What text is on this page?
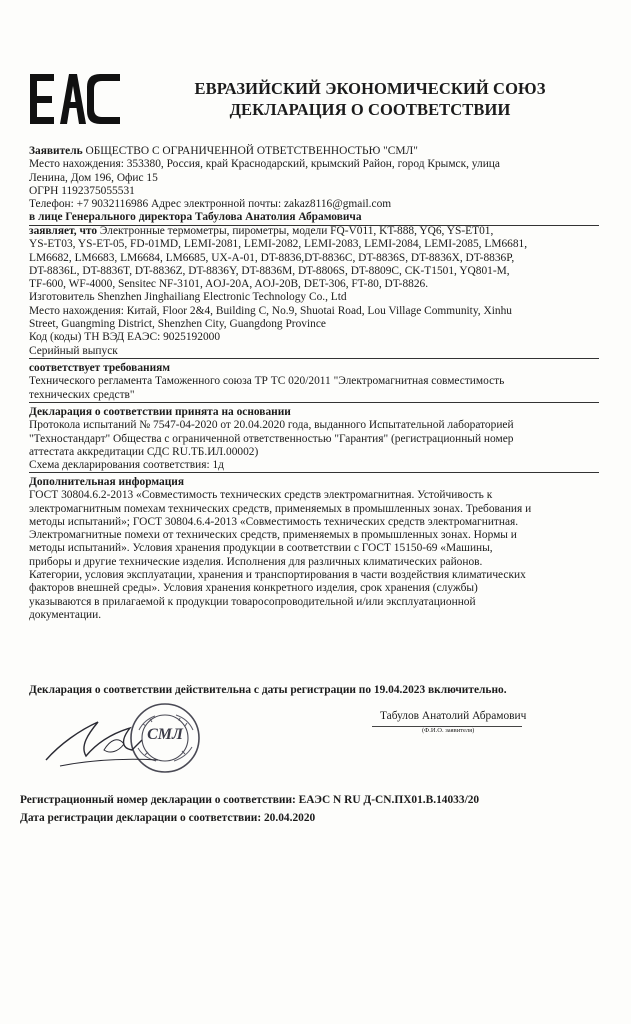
ЕВРАЗИЙСКИЙ ЭКОНОМИЧЕСКИЙ СОЮЗ
ДЕКЛАРАЦИЯ О СООТВЕТСТВИИ
Заявитель ОБЩЕСТВО С ОГРАНИЧЕННОЙ ОТВЕТСТВЕННОСТЬЮ "СМЛ"
Место нахождения: 353380, Россия, край Краснодарский, крымский Район, город Крымск, улица
Ленина, Дом 196, Офис 15
ОГРН 1192375055531
Телефон: +7 9032116986 Адрес электронной почты: zakaz8116@gmail.com
в лице Генерального директора Табулова Анатолия Абрамовича
заявляет, что Электронные термометры, пирометры, модели FQ-V011, KT-888, YQ6, YS-ET01,
YS-ET03, YS-ET-05, FD-01MD, LEMI-2081, LEMI-2082, LEMI-2083, LEMI-2084, LEMI-2085, LM6681,
LM6682, LM6683, LM6684, LM6685, UX-A-01, DT-8836,DT-8836C, DT-8836S, DT-8836X, DT-8836P,
DT-8836L, DT-8836T, DT-8836Z, DT-8836Y, DT-8836M, DT-8806S, DT-8809C, CK-T1501, YQ801-M,
TF-600, WF-4000, Sensitec NF-3101, AOJ-20A, AOJ-20B, DET-306, FT-80, DT-8826.
Изготовитель Shenzhen Jinghailiang Electronic Technology Co., Ltd
Место нахождения: Китай, Floor 2&4, Building C, No.9, Shuotai Road, Lou Village Community, Xinhu
Street, Guangming District, Shenzhen City, Guangdong Province
Код (коды) ТН ВЭД ЕАЭС: 9025192000
Серийный выпуск
соответствует требованиям
Технического регламента Таможенного союза ТР ТС 020/2011 "Электромагнитная совместимость
технических средств"
Декларация о соответствии принята на основании
Протокола испытаний № 7547-04-2020 от 20.04.2020 года, выданного Испытательной лабораторией
"Техностандарт" Общества с ограниченной ответственностью "Гарантия" (регистрационный номер
аттестата аккредитации СДС RU.ТБ.ИЛ.00002)
Схема декларирования соответствия: 1д
Дополнительная информация
ГОСТ 30804.6.2-2013 «Совместимость технических средств электромагнитная. Устойчивость к
электромагнитным помехам технических средств, применяемых в промышленных зонах. Требования и
методы испытаний»; ГОСТ 30804.6.4-2013 «Совместимость технических средств электромагнитная.
Электромагнитные помехи от технических средств, применяемых в промышленных зонах. Нормы и
методы испытаний». Условия хранения продукции в соответствии с ГОСТ 15150-69 «Машины,
приборы и другие технические изделия. Исполнения для различных климатических районов.
Категории, условия эксплуатации, хранения и транспортирования в части воздействия климатических
факторов внешней среды». Условия хранения конкретного изделия, срок хранения (службы)
указываются в прилагаемой к продукции товаросопроводительной и/или эксплуатационной
документации.
Декларация о соответствии действительна с даты регистрации по 19.04.2023 включительно.
СМЛ
Табулов Анатолий Абрамович
(Ф.И.О. заявителя)
Регистрационный номер декларации о соответствии: ЕАЭС N RU Д-CN.ПХ01.В.14033/20
Дата регистрации декларации о соответствии: 20.04.2020
